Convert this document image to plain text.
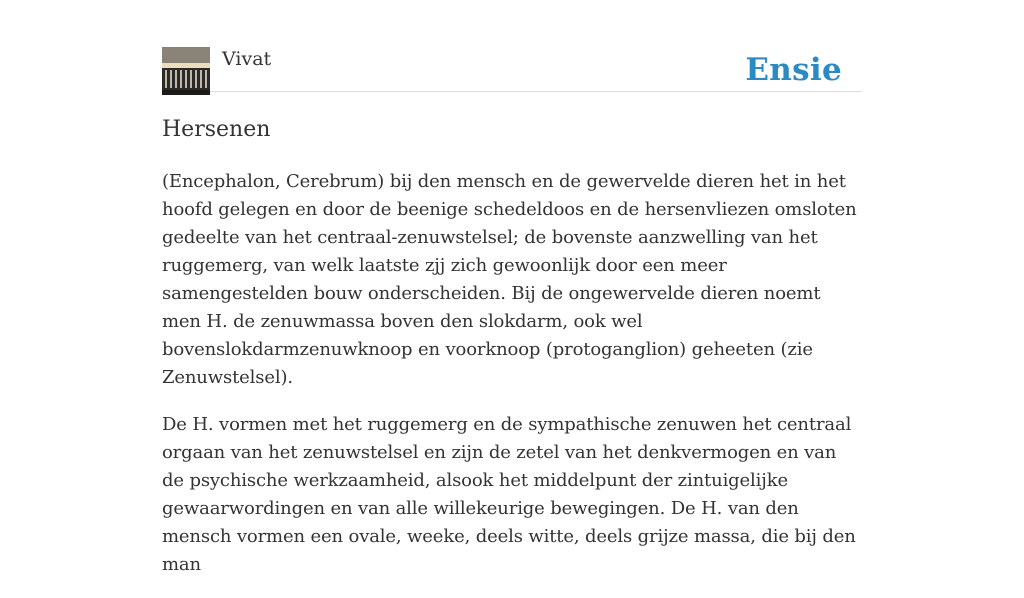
Vivat	Ensie
Hersenen

(Encephalon, Cerebrum) bij den mensch en de gewervelde dieren het in het hoofd gelegen en door de beenige schedeldoos en de hersenvliezen omsloten gedeelte van het centraal-zenuwstelsel; de bovenste aanzwelling van het ruggemerg, van welk laatste zjj zich gewoonlijk door een meer samengestelden bouw onderscheiden. Bij de ongewervelde dieren noemt men H. de zenuwmassa boven den slokdarm, ook wel bovenslokdarmzenuwknoop en voorknoop (protoganglion) geheeten (zie Zenuwstelsel).

De H. vormen met het ruggemerg en de sympathische zenuwen het centraal orgaan van het zenuwstelsel en zijn de zetel van het denkvermogen en van de psychische werkzaamheid, alsook het middelpunt der zintuigelijke gewaarwordingen en van alle willekeurige bewegingen. De H. van den mensch vormen een ovale, weeke, deels witte, deels grijze massa, die bij den man
